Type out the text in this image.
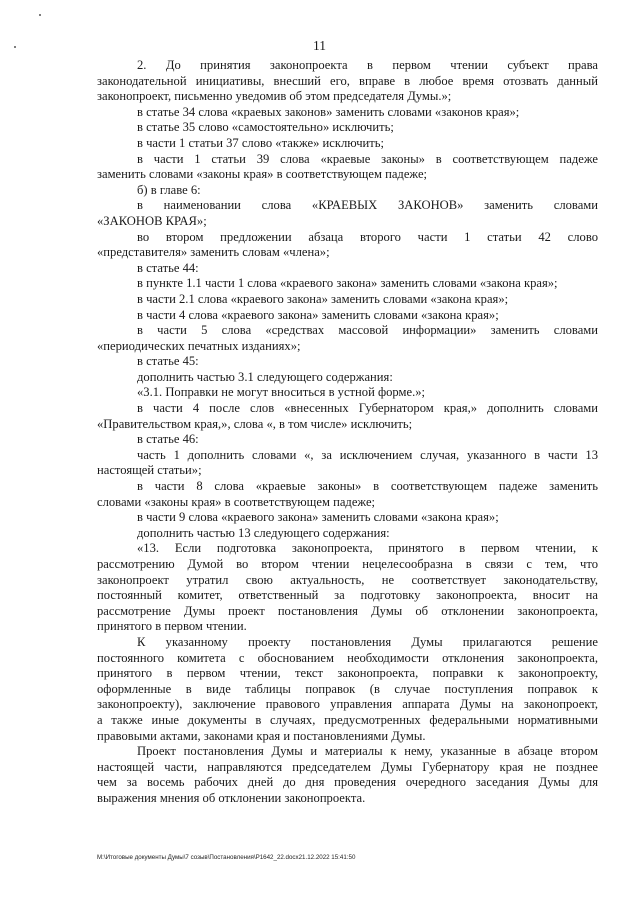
11
2. До принятия законопроекта в первом чтении субъект права
законодательной инициативы, внесший его, вправе в любое время отозвать данный
законопроект, письменно уведомив об этом председателя Думы.»;
в статье 34 слова «краевых законов» заменить словами «законов края»;
в статье 35 слово «самостоятельно» исключить;
в части 1 статьи 37 слово «также» исключить;
в части 1 статьи 39 слова «краевые законы» в соответствующем падеже
заменить словами «законы края» в соответствующем падеже;
б) в главе 6:
в наименовании слова «КРАЕВЫХ ЗАКОНОВ» заменить словами
«ЗАКОНОВ КРАЯ»;
во втором предложении абзаца второго части 1 статьи 42 слово
«представителя» заменить словам «члена»;
в статье 44:
в пункте 1.1 части 1 слова «краевого закона» заменить словами «закона края»;
в части 2.1 слова «краевого закона» заменить словами «закона края»;
в части 4 слова «краевого закона» заменить словами «закона края»;
в части 5 слова «средствах массовой информации» заменить словами
«периодических печатных изданиях»;
в статье 45:
дополнить частью 3.1 следующего содержания:
«3.1. Поправки не могут вноситься в устной форме.»;
в части 4 после слов «внесенных Губернатором края,» дополнить словами
«Правительством края,», слова «, в том числе» исключить;
в статье 46:
часть 1 дополнить словами «, за исключением случая, указанного в части 13
настоящей статьи»;
в части 8 слова «краевые законы» в соответствующем падеже заменить
словами «законы края» в соответствующем падеже;
в части 9 слова «краевого закона» заменить словами «закона края»;
дополнить частью 13 следующего содержания:
«13. Если подготовка законопроекта, принятого в первом чтении, к
рассмотрению Думой во втором чтении нецелесообразна в связи с тем, что
законопроект утратил свою актуальность, не соответствует законодательству,
постоянный комитет, ответственный за подготовку законопроекта, вносит на
рассмотрение Думы проект постановления Думы об отклонении законопроекта,
принятого в первом чтении.
К указанному проекту постановления Думы прилагаются решение
постоянного комитета с обоснованием необходимости отклонения законопроекта,
принятого в первом чтении, текст законопроекта, поправки к законопроекту,
оформленные в виде таблицы поправок (в случае поступления поправок к
законопроекту), заключение правового управления аппарата Думы на законопроект,
а также иные документы в случаях, предусмотренных федеральными нормативными
правовыми актами, законами края и постановлениями Думы.
Проект постановления Думы и материалы к нему, указанные в абзаце втором
настоящей части, направляются председателем Думы Губернатору края не позднее
чем за восемь рабочих дней до дня проведения очередного заседания Думы для
выражения мнения об отклонении законопроекта.
M:\Итоговые документы Думы\7 созыв\Постановления\P1642_22.docx21.12.2022 15:41:50
